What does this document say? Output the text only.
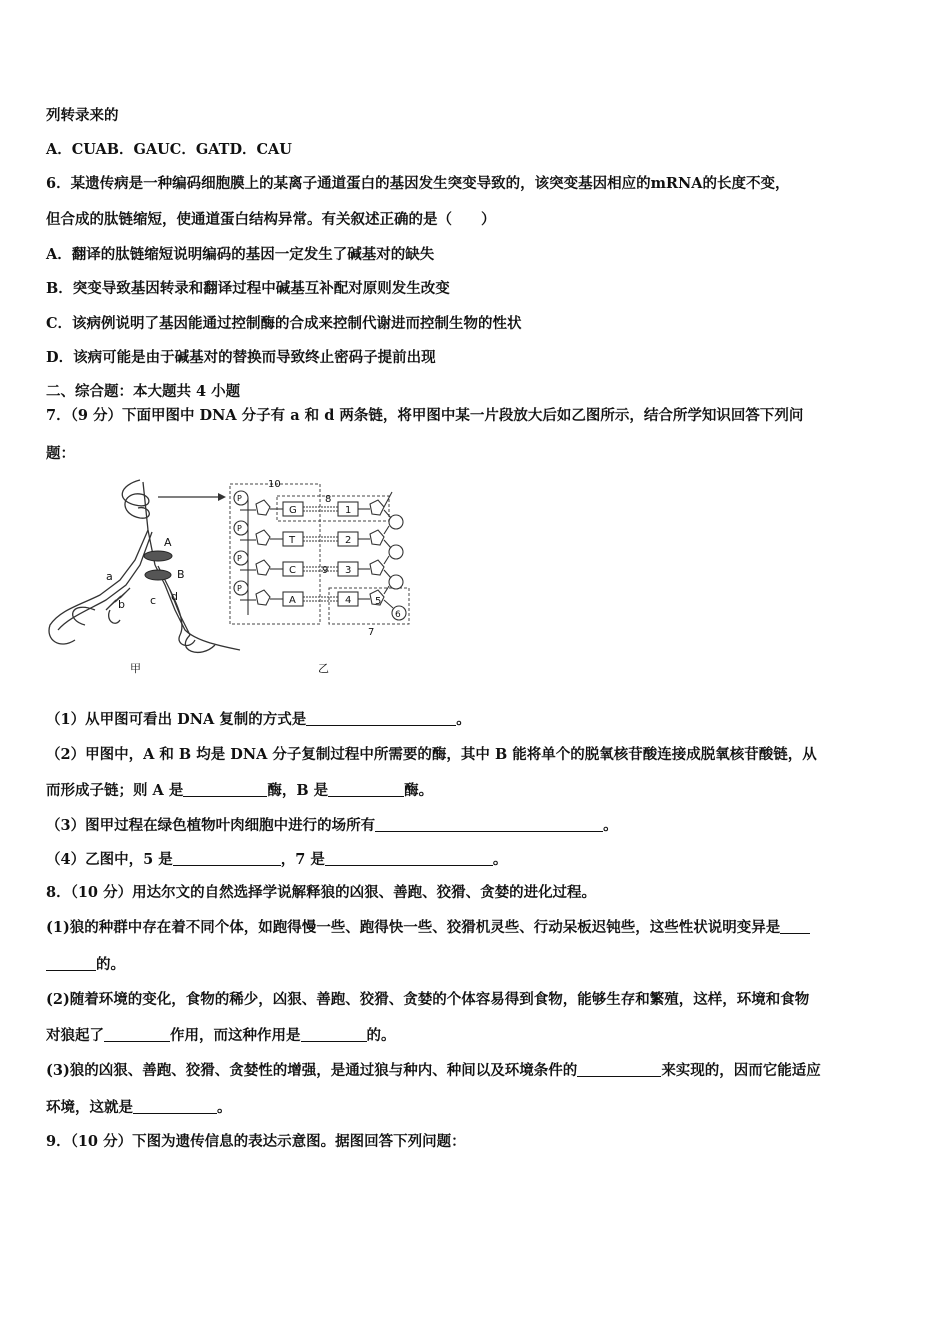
列转录来的
A．CUAB．GAUC．GATD．CAU
6．某遗传病是一种编码细胞膜上的某离子通道蛋白的基因发生突变导致的，该突变基因相应的mRNA的长度不变，
但合成的肽链缩短，使通道蛋白结构异常。有关叙述正确的是（　　）
A．翻译的肽链缩短说明编码的基因一定发生了碱基对的缺失
B．突变导致基因转录和翻译过程中碱基互补配对原则发生改变
C．该病例说明了基因能通过控制酶的合成来控制代谢进而控制生物的性状
D．该病可能是由于碱基对的替换而导致终止密码子提前出现
二、综合题：本大题共 4 小题
7．（9 分）下面甲图中 DNA 分子有 a 和 d 两条链，将甲图中某一片段放大后如乙图所示，结合所学知识回答下列问
题：
A
B
a
b c d
10
8
7
P
P
P
P
G
T
C
A
1
2
3
4
9
5
6
甲	乙
（1）从甲图可看出 DNA 复制的方式是	。
（2）甲图中，A 和 B 均是 DNA 分子复制过程中所需要的酶，其中 B 能将单个的脱氧核苷酸连接成脱氧核苷酸链，从
而形成子链；则 A 是	酶，B 是	酶。
（3）图甲过程在绿色植物叶肉细胞中进行的场所有	。
（4）乙图中，5 是	，7 是	。
8．（10 分）用达尔文的自然选择学说解释狼的凶狠、善跑、狡猾、贪婪的进化过程。
(1)狼的种群中存在着不同个体，如跑得慢一些、跑得快一些、狡猾机灵些、行动呆板迟钝些，这些性状说明变异是
的。
(2)随着环境的变化，食物的稀少，凶狠、善跑、狡猾、贪婪的个体容易得到食物，能够生存和繁殖，这样，环境和食物
对狼起了	作用，而这种作用是	的。
(3)狼的凶狠、善跑、狡猾、贪婪性的增强，是通过狼与种内、种间以及环境条件的	来实现的，因而它能适应
环境，这就是	。
9．（10 分）下图为遗传信息的表达示意图。据图回答下列问题：
